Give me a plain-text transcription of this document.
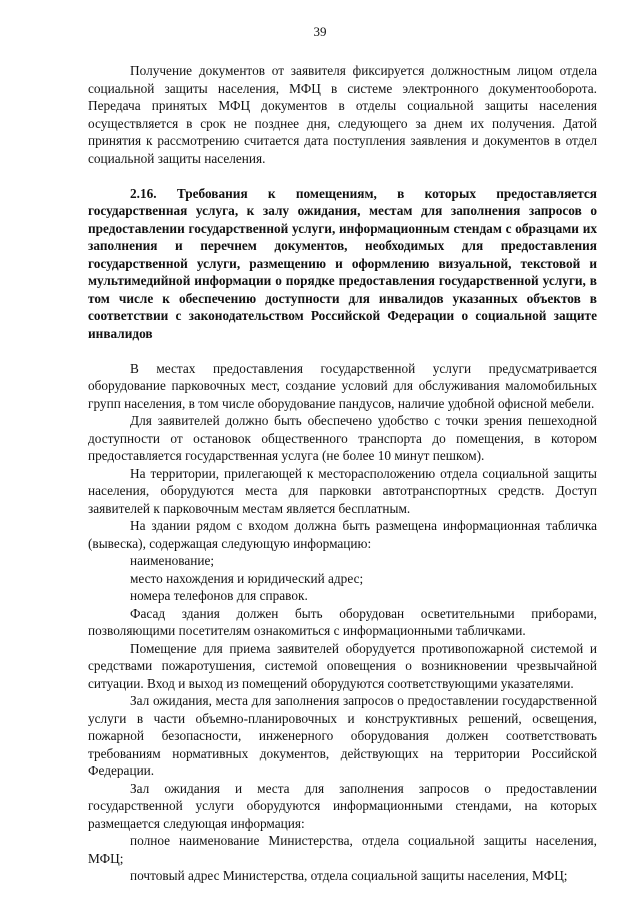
39

Получение документов от заявителя фиксируется должностным лицом отдела социальной защиты населения, МФЦ в системе электронного документооборота. Передача принятых МФЦ документов в отделы социальной защиты населения осуществляется в срок не позднее дня, следующего за днем их получения. Датой принятия к рассмотрению считается дата поступления заявления и документов в отдел социальной защиты населения.

2.16. Требования к помещениям, в которых предоставляется государственная услуга, к залу ожидания, местам для заполнения запросов о предоставлении государственной услуги, информационным стендам с образцами их заполнения и перечнем документов, необходимых для предоставления государственной услуги, размещению и оформлению визуальной, текстовой и мультимедийной информации о порядке предоставления государственной услуги, в том числе к обеспечению доступности для инвалидов указанных объектов в соответствии с законодательством Российской Федерации о социальной защите инвалидов

В местах предоставления государственной услуги предусматривается оборудование парковочных мест, создание условий для обслуживания маломобильных групп населения, в том числе оборудование пандусов, наличие удобной офисной мебели.

Для заявителей должно быть обеспечено удобство с точки зрения пешеходной доступности от остановок общественного транспорта до помещения, в котором предоставляется государственная услуга (не более 10 минут пешком).

На территории, прилегающей к месторасположению отдела социальной защиты населения, оборудуются места для парковки автотранспортных средств. Доступ заявителей к парковочным местам является бесплатным.

На здании рядом с входом должна быть размещена информационная табличка (вывеска), содержащая следующую информацию:

наименование;

место нахождения и юридический адрес;

номера телефонов для справок.

Фасад здания должен быть оборудован осветительными приборами, позволяющими посетителям ознакомиться с информационными табличками.

Помещение для приема заявителей оборудуется противопожарной системой и средствами пожаротушения, системой оповещения о возникновении чрезвычайной ситуации. Вход и выход из помещений оборудуются соответствующими указателями.

Зал ожидания, места для заполнения запросов о предоставлении государственной услуги в части объемно-планировочных и конструктивных решений, освещения, пожарной безопасности, инженерного оборудования должен соответствовать требованиям нормативных документов, действующих на территории Российской Федерации.

Зал ожидания и места для заполнения запросов о предоставлении государственной услуги оборудуются информационными стендами, на которых размещается следующая информация:

полное наименование Министерства, отдела социальной защиты населения, МФЦ;

почтовый адрес Министерства, отдела социальной защиты населения, МФЦ;
